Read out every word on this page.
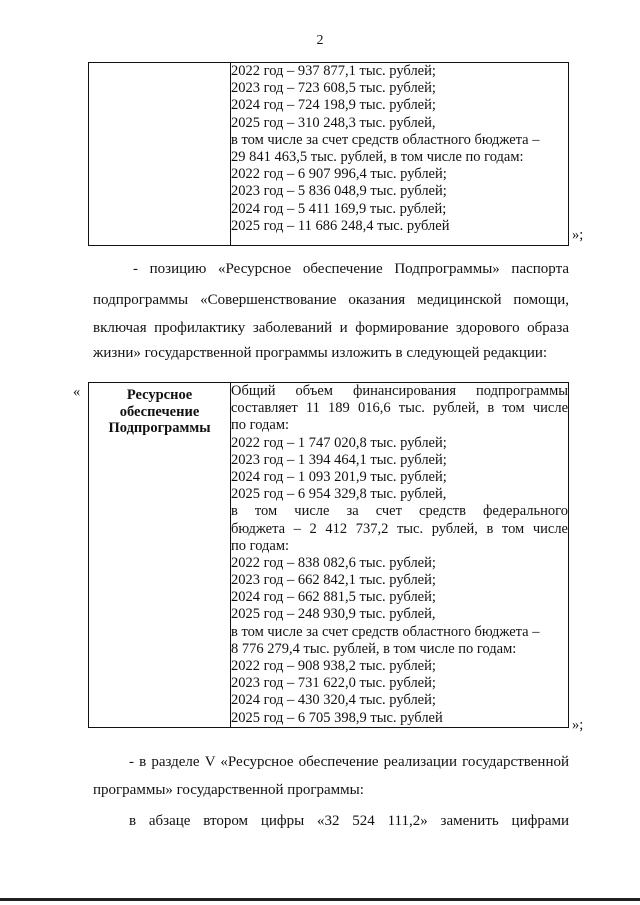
2

2022 год – 937 877,1 тыс. рублей;
2023 год – 723 608,5 тыс. рублей;
2024 год – 724 198,9 тыс. рублей;
2025 год – 310 248,3 тыс. рублей,
в том числе за счет средств областного бюджета –
29 841 463,5 тыс. рублей, в том числе по годам:
2022 год – 6 907 996,4 тыс. рублей;
2023 год – 5 836 048,9 тыс. рублей;
2024 год – 5 411 169,9 тыс. рублей;
2025 год – 11 686 248,4 тыс. рублей
»;
- позицию «Ресурсное обеспечение Подпрограммы» паспорта
подпрограммы «Совершенствование оказания медицинской помощи,
включая профилактику заболеваний и формирование здорового образа
жизни» государственной программы изложить в следующей редакции:
«	Ресурсное
обеспечение
Подпрограммы

Общий объем финансирования подпрограммы
составляет 11 189 016,6 тыс. рублей, в том числе
по годам:
2022 год – 1 747 020,8 тыс. рублей;
2023 год – 1 394 464,1 тыс. рублей;
2024 год – 1 093 201,9 тыс. рублей;
2025 год – 6 954 329,8 тыс. рублей,
в том числе за счет средств федерального
бюджета – 2 412 737,2 тыс. рублей, в том числе
по годам:
2022 год – 838 082,6 тыс. рублей;
2023 год – 662 842,1 тыс. рублей;
2024 год – 662 881,5 тыс. рублей;
2025 год – 248 930,9 тыс. рублей,
в том числе за счет средств областного бюджета –
8 776 279,4 тыс. рублей, в том числе по годам:
2022 год – 908 938,2 тыс. рублей;
2023 год – 731 622,0 тыс. рублей;
2024 год – 430 320,4 тыс. рублей;
2025 год – 6 705 398,9 тыс. рублей	»;
- в разделе V «Ресурсное обеспечение реализации государственной
программы» государственной программы:
в абзаце втором цифры «32 524 111,2» заменить цифрами
